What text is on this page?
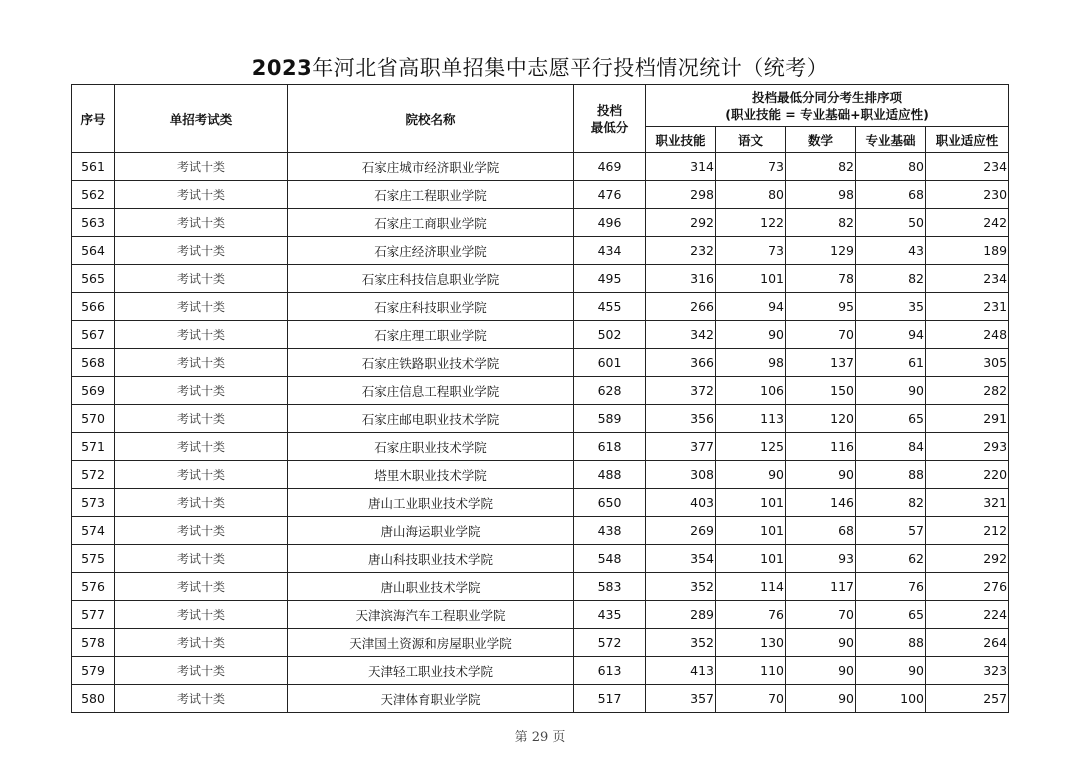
2023年河北省高职单招集中志愿平行投档情况统计（统考）
序号	单招考试类	院校名称	投档
最低分	投档最低分同分考生排序项
(职业技能 = 专业基础+职业适应性)				

				职业技能	语文	数学	专业基础	职业适应性
561	考试十类	石家庄城市经济职业学院	469	314	73	82	80	234
562	考试十类	石家庄工程职业学院	476	298	80	98	68	230
563	考试十类	石家庄工商职业学院	496	292	122	82	50	242
564	考试十类	石家庄经济职业学院	434	232	73	129	43	189
565	考试十类	石家庄科技信息职业学院	495	316	101	78	82	234
566	考试十类	石家庄科技职业学院	455	266	94	95	35	231
567	考试十类	石家庄理工职业学院	502	342	90	70	94	248
568	考试十类	石家庄铁路职业技术学院	601	366	98	137	61	305
569	考试十类	石家庄信息工程职业学院	628	372	106	150	90	282
570	考试十类	石家庄邮电职业技术学院	589	356	113	120	65	291
571	考试十类	石家庄职业技术学院	618	377	125	116	84	293
572	考试十类	塔里木职业技术学院	488	308	90	90	88	220
573	考试十类	唐山工业职业技术学院	650	403	101	146	82	321
574	考试十类	唐山海运职业学院	438	269	101	68	57	212
575	考试十类	唐山科技职业技术学院	548	354	101	93	62	292
576	考试十类	唐山职业技术学院	583	352	114	117	76	276
577	考试十类	天津滨海汽车工程职业学院	435	289	76	70	65	224
578	考试十类	天津国土资源和房屋职业学院	572	352	130	90	88	264
579	考试十类	天津轻工职业技术学院	613	413	110	90	90	323
580	考试十类	天津体育职业学院	517	357	70	90	100	257
第 29 页
